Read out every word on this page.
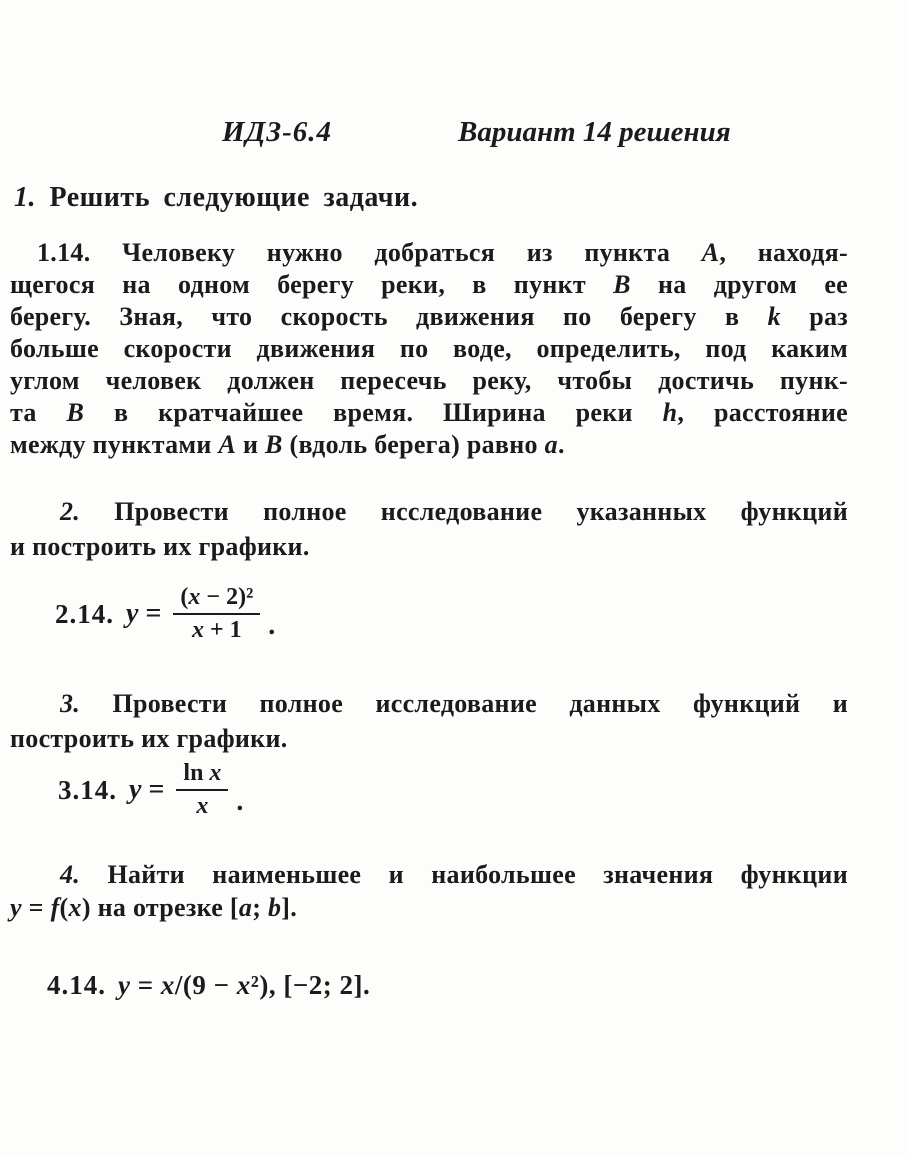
ИДЗ-6.4	Вариант 14 решения
1. Решить следующие задачи.
1.14. Человеку нужно добраться из пункта A, находя-
щегося на одном берегу реки, в пункт B на другом ее
берегу. Зная, что скорость движения по берегу в k раз
больше скорости движения по воде, определить, под каким
углом человек должен пересечь реку, чтобы достичь пунк-
та B в кратчайшее время. Ширина реки h, расстояние
между пунктами A и B (вдоль берега) равно a.
2. Провести полное нсследование указанных функций
и построить их графики.
2.14. $y = \frac{\text{(x − 2)²}}{x + 1}$ .
3. Провести полное исследование данных функций и
построить их графики.
3.14. $y = \frac{\text{ln x}}{x}$ .
4. Найти наименьшее и наибольшее значения функции
y = f(x) на отрезке [a; b].
4.14. y = x/(9 − x²), [−2; 2].
